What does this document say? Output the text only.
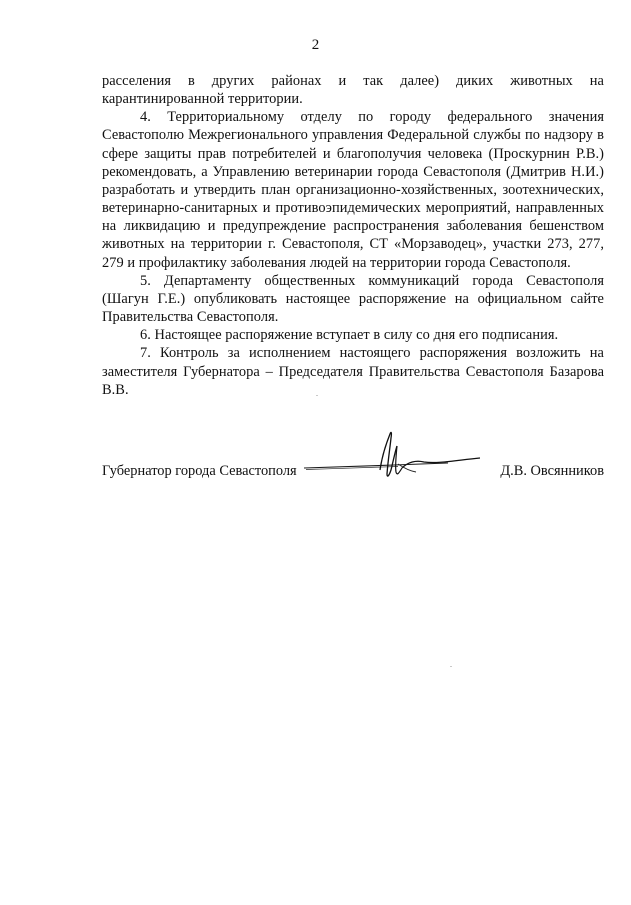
2

расселения в других районах и так далее) диких животных на карантинированной территории.

4. Территориальному отделу по городу федерального значения Севастополю Межрегионального управления Федеральной службы по надзору в сфере защиты прав потребителей и благополучия человека (Проскурнин Р.В.) рекомендовать, а Управлению ветеринарии города Севастополя (Дмитрив Н.И.) разработать и утвердить план организационно-хозяйственных, зоотехнических, ветеринарно-санитарных и противоэпидемических мероприятий, направленных на ликвидацию и предупреждение распространения заболевания бешенством животных на территории г. Севастополя, СТ «Морзаводец», участки 273, 277, 279 и профилактику заболевания людей на территории города Севастополя.

5. Департаменту общественных коммуникаций города Севастополя (Шагун Г.Е.) опубликовать настоящее распоряжение на официальном сайте Правительства Севастополя.

6. Настоящее распоряжение вступает в силу со дня его подписания.

7. Контроль за исполнением настоящего распоряжения возложить на заместителя Губернатора – Председателя Правительства Севастополя Базарова В.В.

Губернатор города Севастополя	Д.В. Овсянников
